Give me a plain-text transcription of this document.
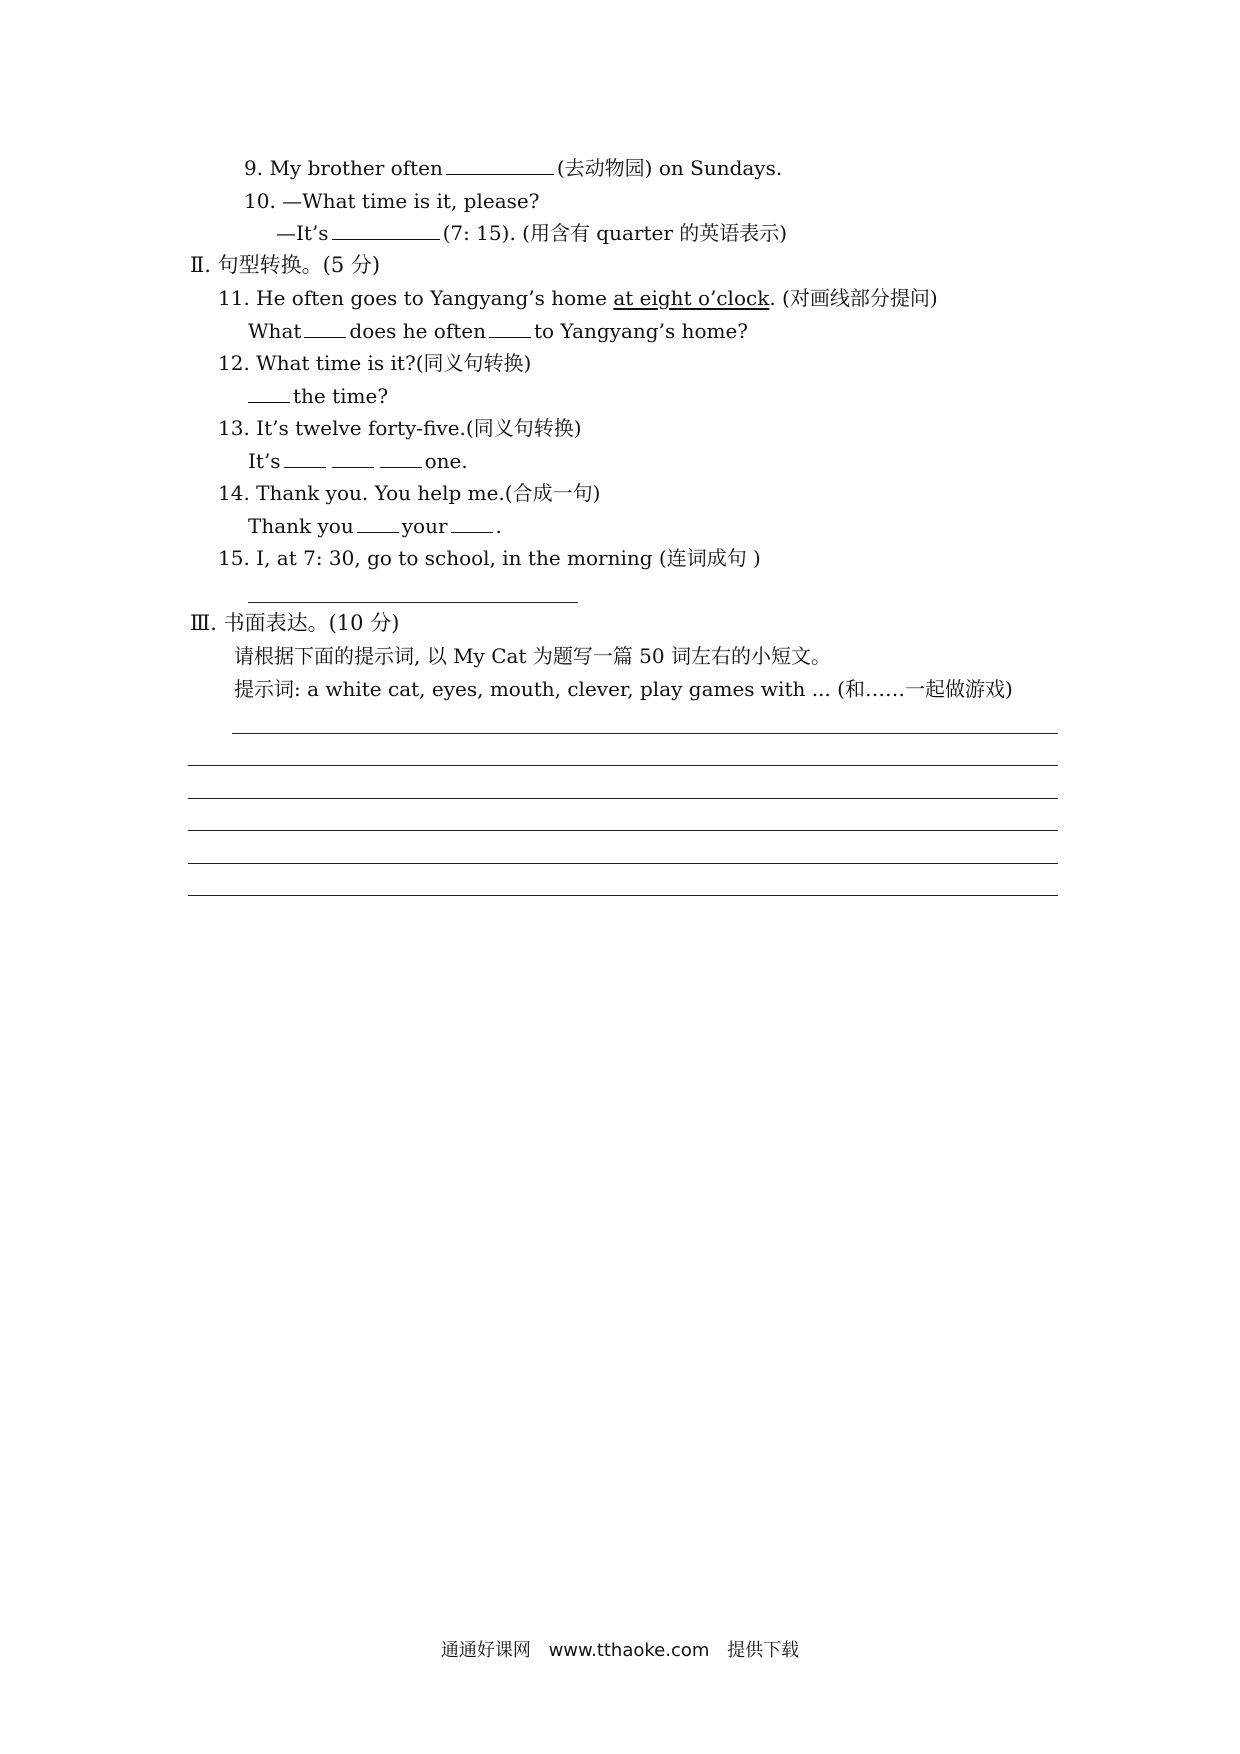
9. My brother often	(去动物园) on Sundays.
10. —What time is it, please?
—It’s	(7: 15). (用含有 quarter 的英语表示)
Ⅱ. 句型转换。(5 分)
11. He often goes to Yangyang’s home at eight o’clock. (对画线部分提问)
What does he often to Yangyang’s home?
12. What time is it?(同义句转换)
the time?
13. It’s twelve forty-five.(同义句转换)
It’s	one.
14. Thank you. You help me.(合成一句)
Thank you your .
15. I, at 7: 30, go to school, in the morning (连词成句 )
Ⅲ. 书面表达。(10 分)
请根据下面的提示词, 以 My Cat 为题写一篇 50 词左右的小短文。
提示词: a white cat, eyes, mouth, clever, play games with ... (和……一起做游戏)
通通好课网 www.tthaoke.com 提供下载
